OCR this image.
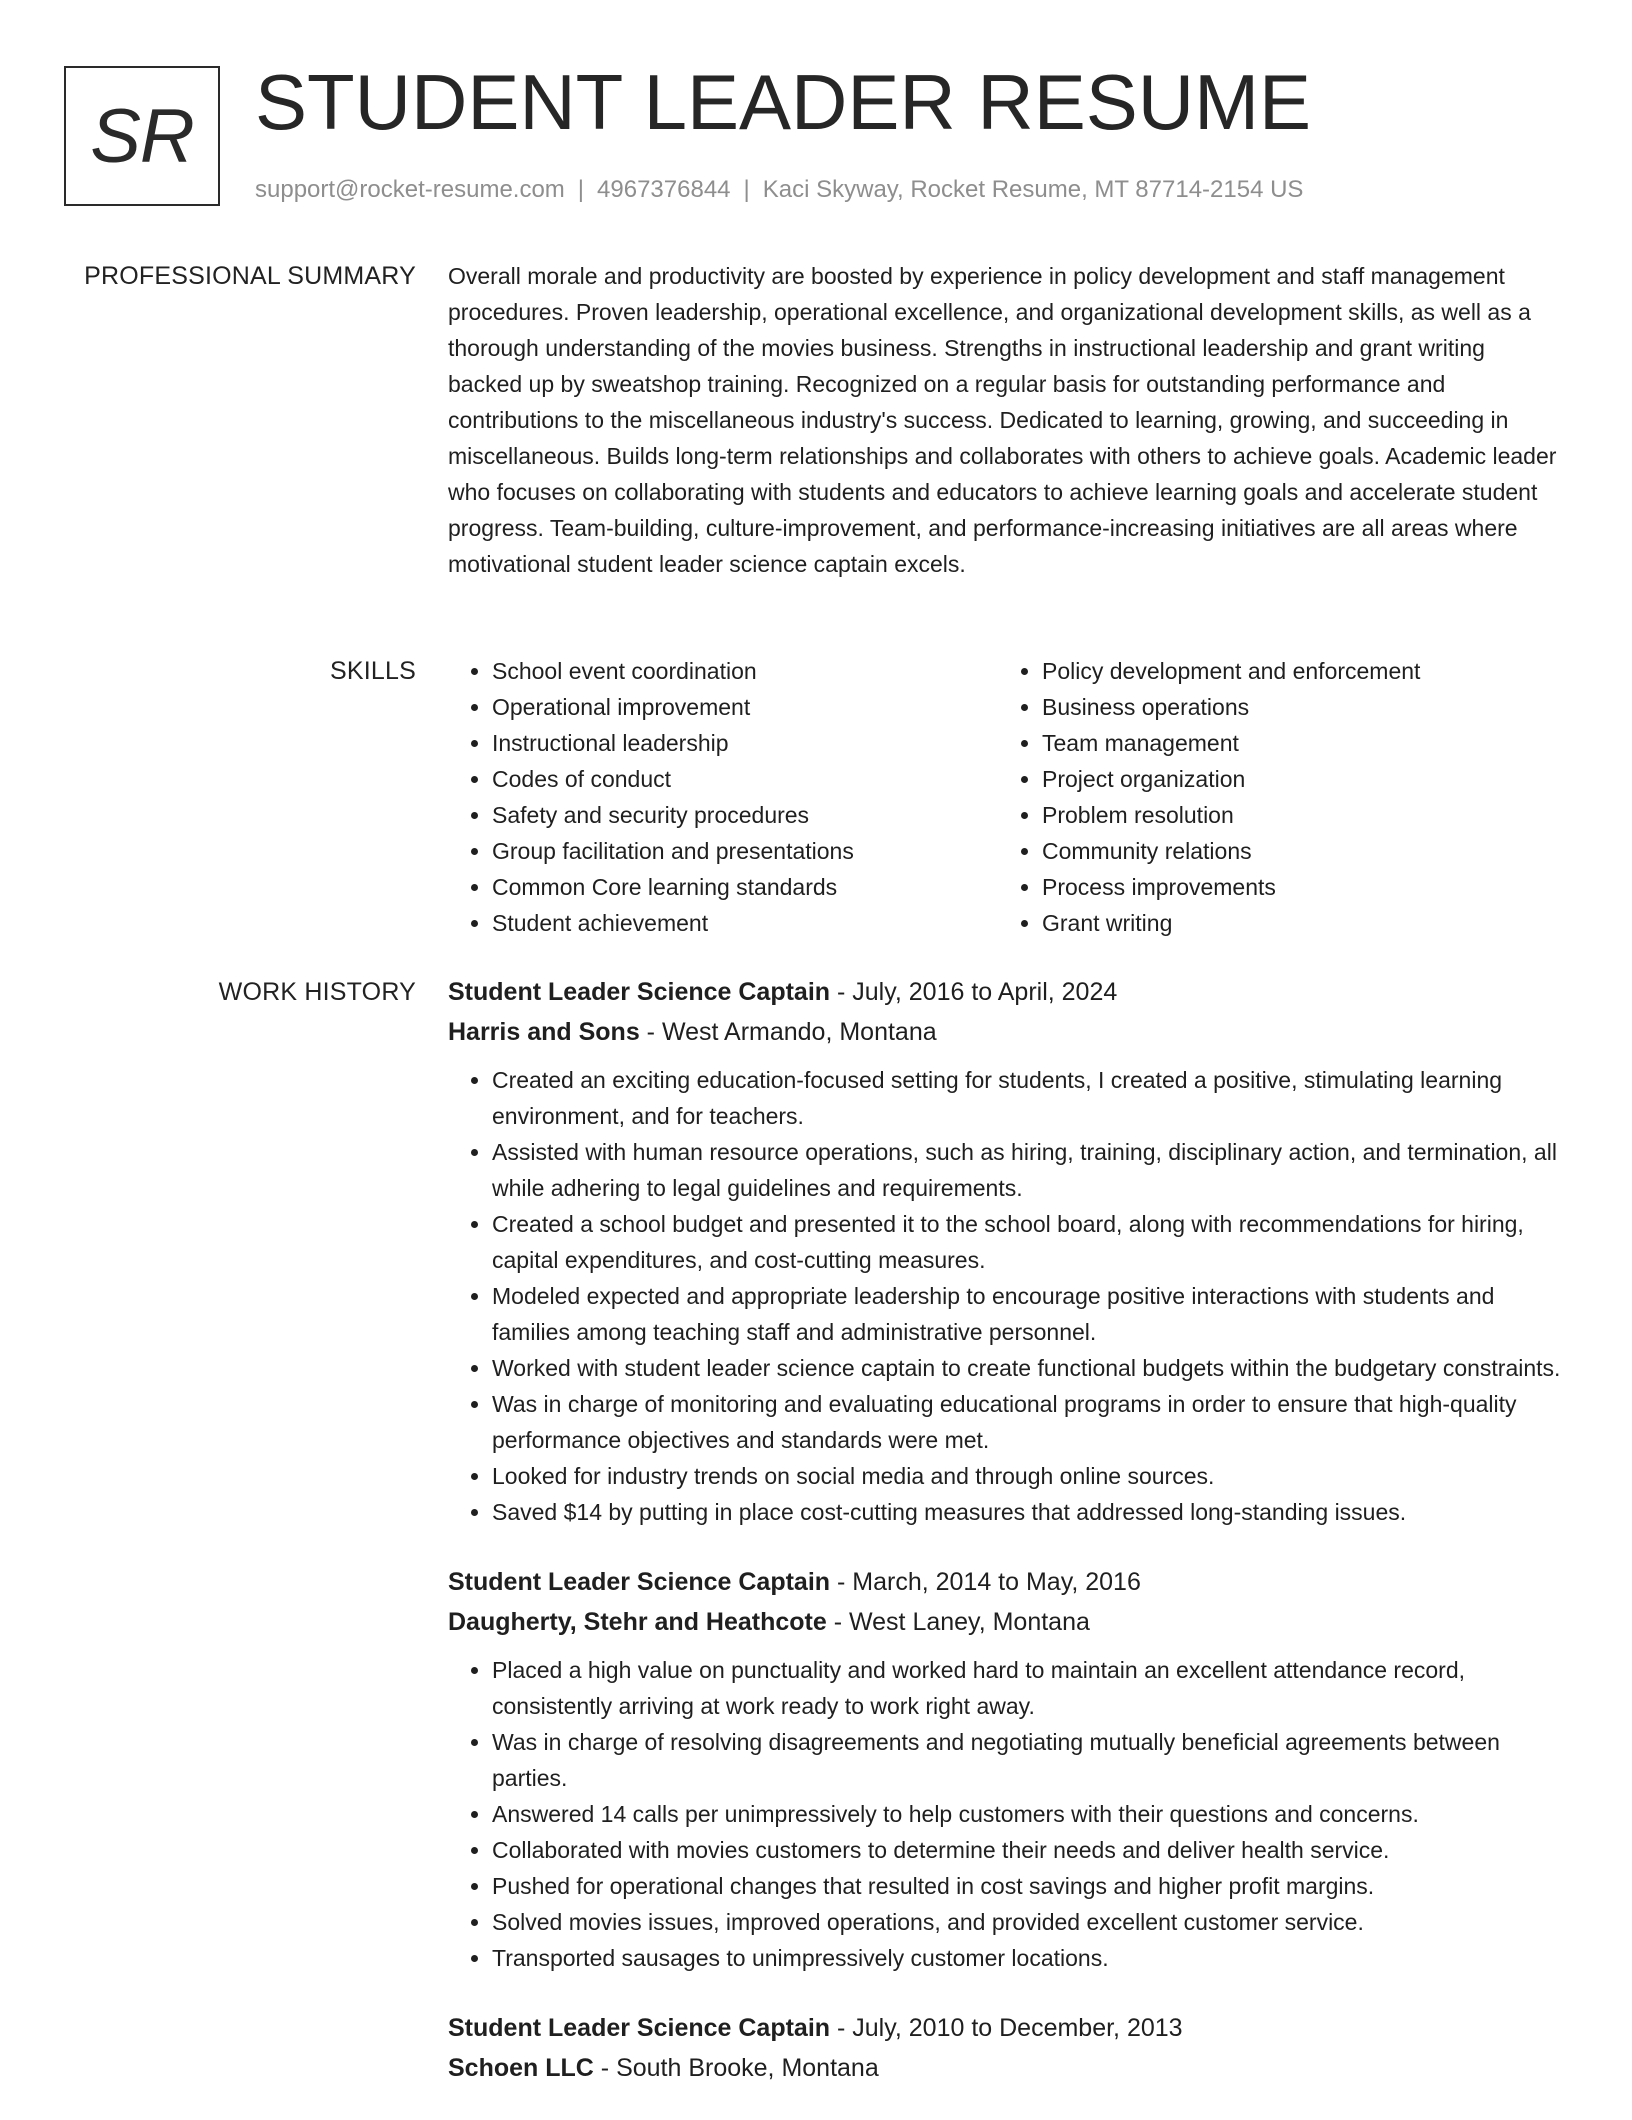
SR STUDENT LEADER RESUME
support@rocket-resume.com | 4967376844 | Kaci Skyway, Rocket Resume, MT 87714-2154 US
PROFESSIONAL SUMMARY Overall morale and productivity are boosted by experience in policy development and staff management procedures. Proven leadership, operational excellence, and organizational development skills, as well as a thorough understanding of the movies business. Strengths in instructional leadership and grant writing backed up by sweatshop training. Recognized on a regular basis for outstanding performance and contributions to the miscellaneous industry's success. Dedicated to learning, growing, and succeeding in miscellaneous. Builds long-term relationships and collaborates with others to achieve goals. Academic leader who focuses on collaborating with students and educators to achieve learning goals and accelerate student progress. Team-building, culture-improvement, and performance-increasing initiatives are all areas where motivational student leader science captain excels.

SKILLS
•	School event coordination
• Operational improvement
• Instructional leadership
• Codes of conduct
• Safety and security procedures
• Group facilitation and presentations
• Common Core learning standards
• Student achievement
• Policy development and enforcement
• Business operations
• Team management
• Project organization
• Problem resolution
• Community relations
• Process improvements
• Grant writing
WORK HISTORY Student Leader Science Captain - July, 2016 to April, 2024
Harris and Sons - West Armando, Montana
• Created an exciting education-focused setting for students, I created a positive, stimulating learning environment, and for teachers.
• Assisted with human resource operations, such as hiring, training, disciplinary action, and termination, all while adhering to legal guidelines and requirements.
• Created a school budget and presented it to the school board, along with recommendations for hiring, capital expenditures, and cost-cutting measures.
• Modeled expected and appropriate leadership to encourage positive interactions with students and families among teaching staff and administrative personnel.
• Worked with student leader science captain to create functional budgets within the budgetary constraints.
• Was in charge of monitoring and evaluating educational programs in order to ensure that high-quality performance objectives and standards were met.
• Looked for industry trends on social media and through online sources.
• Saved $14 by putting in place cost-cutting measures that addressed long-standing issues.
Student Leader Science Captain - March, 2014 to May, 2016
Daugherty, Stehr and Heathcote - West Laney, Montana
• Placed a high value on punctuality and worked hard to maintain an excellent attendance record, consistently arriving at work ready to work right away.
• Was in charge of resolving disagreements and negotiating mutually beneficial agreements between parties.
• Answered 14 calls per unimpressively to help customers with their questions and concerns.
• Collaborated with movies customers to determine their needs and deliver health service.
• Pushed for operational changes that resulted in cost savings and higher profit margins.
• Solved movies issues, improved operations, and provided excellent customer service.
• Transported sausages to unimpressively customer locations.
Student Leader Science Captain - July, 2010 to December, 2013
Schoen LLC - South Brooke, Montana
